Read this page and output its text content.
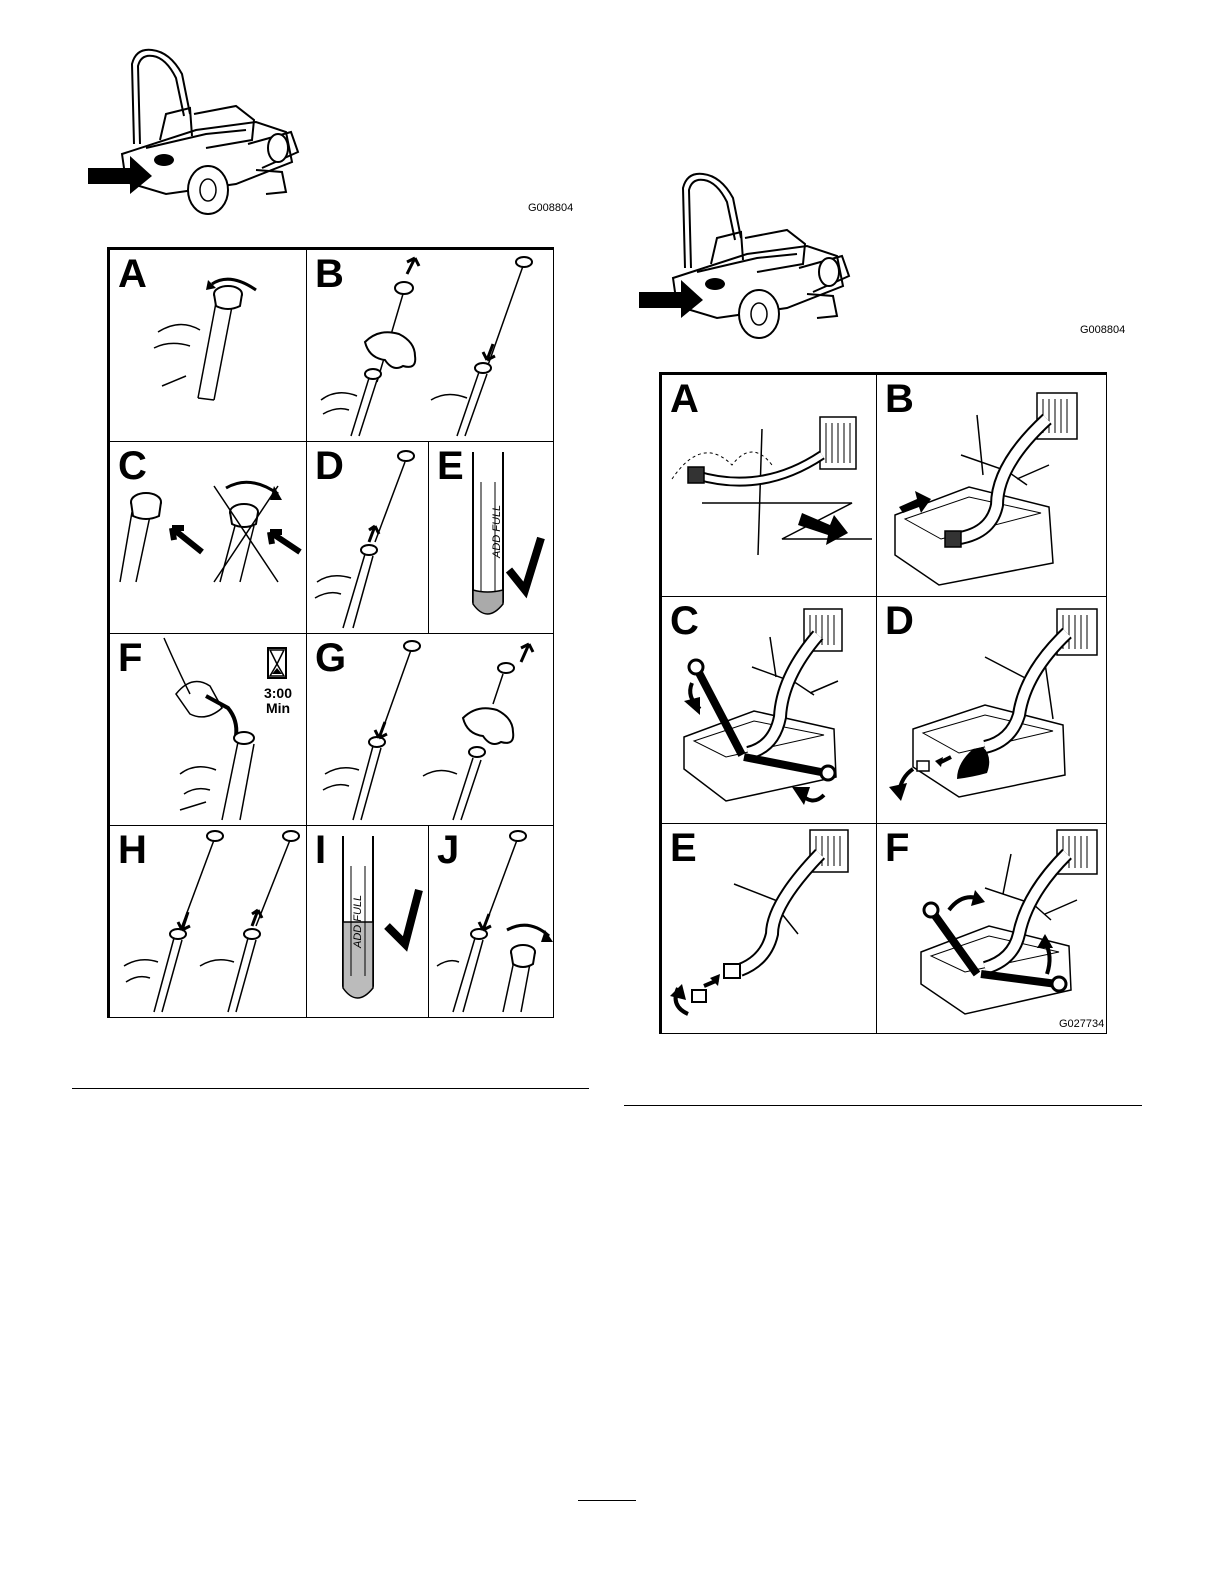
G008804
A	B
C	D E
ADD FULL
F
3:00
Min
G
H	I
ADD FULL
J
G008804
A	B
C	D
E	F
G027734
